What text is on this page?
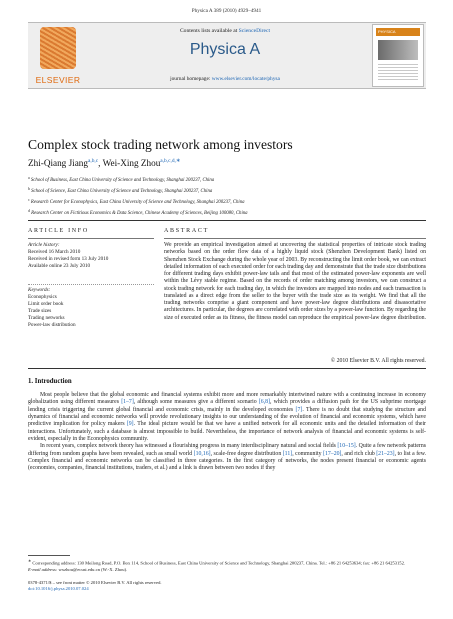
Physica A 389 (2010) 4929–4941
ELSEVIER
Contents lists available at ScienceDirect
Physica A
journal homepage: www.elsevier.com/locate/physa
PHYSICA
Complex stock trading network among investors
Zhi-Qiang Jiang$^{a,b,c}$, Wei-Xing Zhou$^{a,b,c,d,∗}$
$^a$ School of Business, East China University of Science and Technology, Shanghai 200237, China
$^b$ School of Science, East China University of Science and Technology, Shanghai 200237, China
$^c$ Research Center for Econophysics, East China University of Science and Technology, Shanghai 200237, China
$^d$ Research Center on Fictitious Economics & Data Science, Chinese Academy of Sciences, Beijing 100080, China
ARTICLE INFO	ABSTRACT
Article history:
Received 16 March 2010
Received in revised form 13 July 2010
Available online 23 July 2010
Keywords:
Econophysics
Limit order book
Trade sizes
Trading networks
Power-law distribution
We provide an empirical investigation aimed at uncovering the statistical properties of intricate stock trading networks based on the order flow data of a highly liquid stock (Shenzhen Development Bank) listed on Shenzhen Stock Exchange during the whole year of 2003. By reconstructing the limit order book, we can extract detailed information of each executed order for each trading day and demonstrate that the trade size distributions for different trading days exhibit power-law tails and that most of the estimated power-law exponents are well within the Lévy stable regime. Based on the records of order matching among investors, we can construct a stock trading network for each trading day, in which the investors are mapped into nodes and each transaction is translated as a direct edge from the seller to the buyer with the trade size as its weight. We find that all the trading networks comprise a giant component and have power-law degree distributions and disassortative architectures. In particular, the degrees are correlated with order sizes by a power-law function. By regarding the size of executed order as its fitness, the fitness model can reproduce the empirical power-law degree distribution.
© 2010 Elsevier B.V. All rights reserved.
1. Introduction

Most people believe that the global economic and financial systems exhibit more and more remarkably intertwined nature with a continuing increase in economy globalization using different measures [1–7], although some measures give a different scenario [6,8], which provides a diffusion path for the US subprime mortgage lending crisis triggering the current global financial and economic crisis, mainly in the developed economies [7]. There is no doubt that studying the structure and dynamics of financial and economic networks will provide revolutionary insights to our understanding of the evolution of financial and economic systems, which have predictive implication for policy makers [9]. The ideal picture would be that we have a unified network for all economic units and the detailed information of their interactions. Unfortunately, such a database is almost impossible to build. Nevertheless, the importance of network analysis of financial and economic systems is self-evident, especially in the Econophysics community.

In recent years, complex network theory has witnessed a flourishing progress in many interdisciplinary natural and social fields [10–15]. Quite a few network patterns differing from random graphs have been revealed, such as small world [10,16], scale-free degree distribution [11], community [17–20], and rich club [21–23], to list a few. Complex financial and economic networks can be classified in three categories. In the first category of networks, the nodes present financial or economic agents (economies, companies, financial institutions, traders, et al.) and a link is drawn between two nodes if they

∗ Corresponding address: 130 Meilong Road, P.O. Box 114, School of Business, East China University of Science and Technology, Shanghai 200237, China. Tel.: +86 21 64253634; fax: +86 21 64253152.
E-mail address: wxzhou@ecust.edu.cn (W.-X. Zhou).
0378-4371/$ – see front matter © 2010 Elsevier B.V. All rights reserved.
doi:10.1016/j.physa.2010.07.024
